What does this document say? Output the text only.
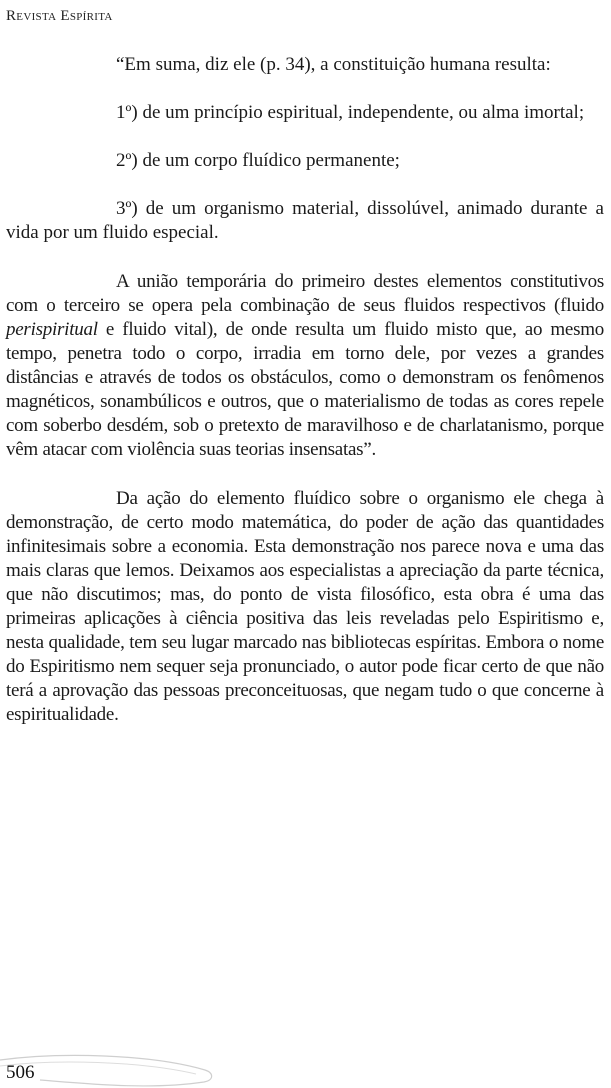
Revista Espírita

“Em suma, diz ele (p. 34), a constituição humana resulta:

1º) de um princípio espiritual, independente, ou alma imortal;

2º) de um corpo fluídico permanente;

3º) de um organismo material, dissolúvel, animado durante a vida por um fluido especial.

A união temporária do primeiro destes elementos constitutivos com o terceiro se opera pela combinação de seus fluidos respectivos (fluido perispiritual e fluido vital), de onde resulta um fluido misto que, ao mesmo tempo, penetra todo o corpo, irradia em torno dele, por vezes a grandes distâncias e através de todos os obstáculos, como o demonstram os fenômenos magnéticos, sonambúlicos e outros, que o materialismo de todas as cores repele com soberbo desdém, sob o pretexto de maravilhoso e de charlatanismo, porque vêm atacar com violência suas teorias insensatas”.

Da ação do elemento fluídico sobre o organismo ele chega à demonstração, de certo modo matemática, do poder de ação das quantidades infinitesimais sobre a economia. Esta demonstração nos parece nova e uma das mais claras que lemos. Deixamos aos especialistas a apreciação da parte técnica, que não discutimos; mas, do ponto de vista filosófico, esta obra é uma das primeiras aplicações à ciência positiva das leis reveladas pelo Espiritismo e, nesta qualidade, tem seu lugar marcado nas bibliotecas espíritas. Embora o nome do Espiritismo nem sequer seja pronunciado, o autor pode ficar certo de que não terá a aprovação das pessoas preconceituosas, que negam tudo o que concerne à espiritualidade.

506
